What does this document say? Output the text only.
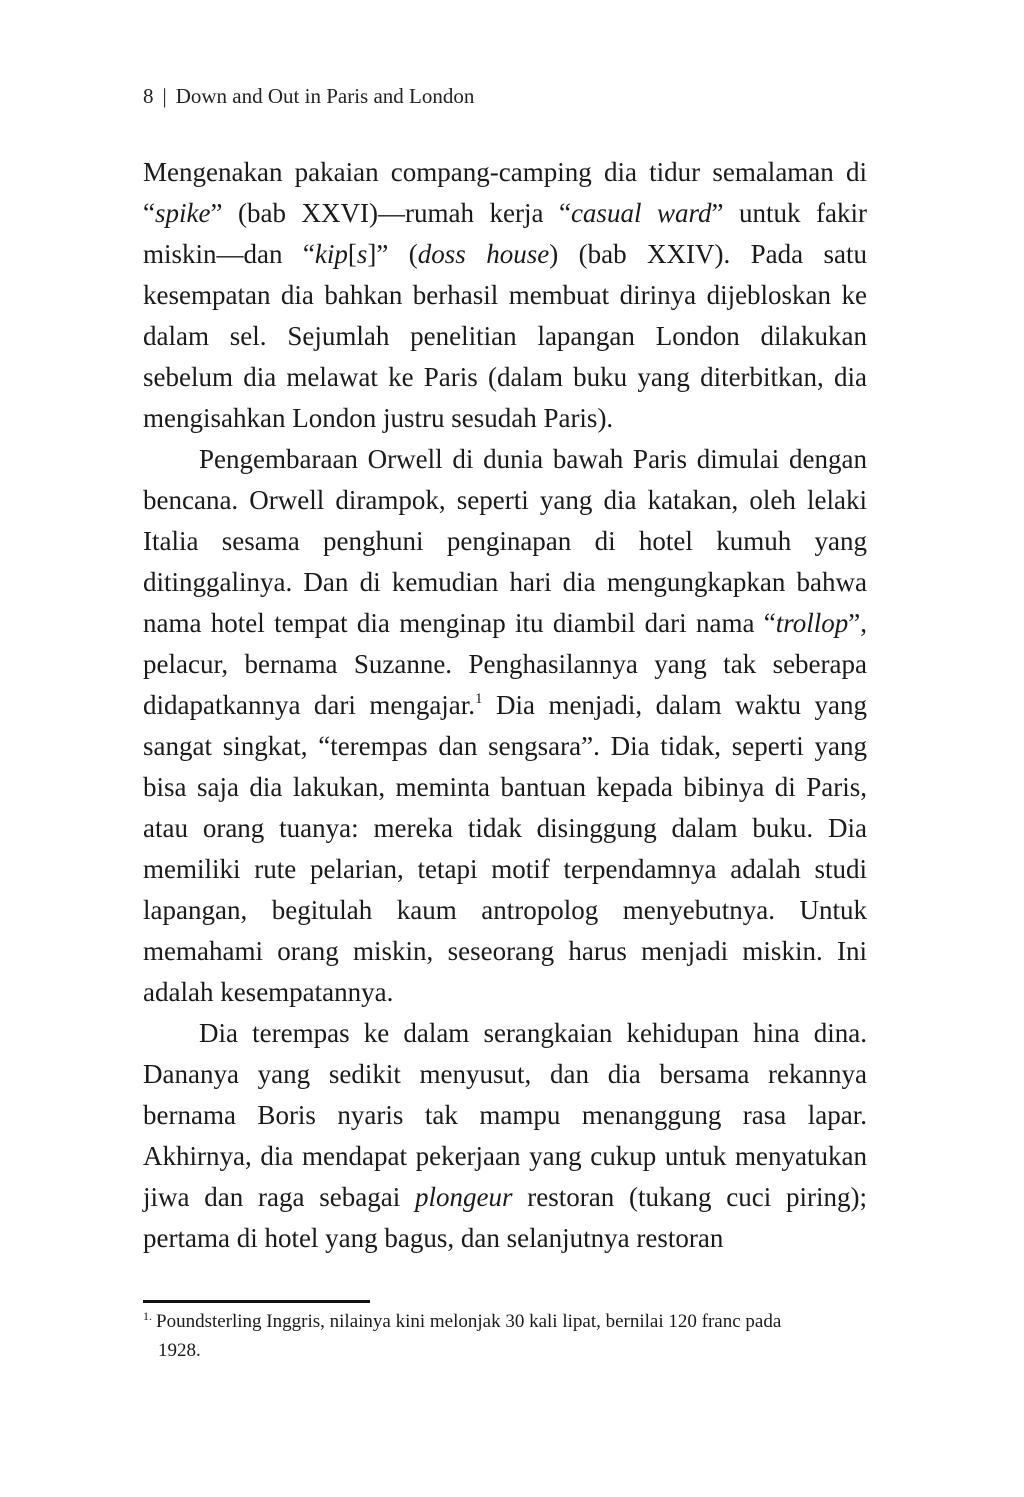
8 | Down and Out in Paris and London

Mengenakan pakaian compang-camping dia tidur semalaman di “spike” (bab XXVI)—rumah kerja “casual ward” untuk fakir miskin—dan “kip[s]” (doss house) (bab XXIV). Pada satu kesempatan dia bahkan berhasil membuat dirinya dijebloskan ke dalam sel. Sejumlah penelitian lapangan London dilakukan sebelum dia melawat ke Paris (dalam buku yang diterbitkan, dia mengisahkan London justru sesudah Paris).

Pengembaraan Orwell di dunia bawah Paris dimulai dengan bencana. Orwell dirampok, seperti yang dia katakan, oleh lelaki Italia sesama penghuni penginapan di hotel kumuh yang ditinggalinya. Dan di kemudian hari dia mengungkapkan bahwa nama hotel tempat dia menginap itu diambil dari nama “trollop”, pelacur, bernama Suzanne. Penghasilannya yang tak seberapa didapatkannya dari mengajar.$^1$ Dia menjadi, dalam waktu yang sangat singkat, “terempas dan sengsara”. Dia tidak, seperti yang bisa saja dia lakukan, meminta bantuan kepada bibinya di Paris, atau orang tuanya: mereka tidak disinggung dalam buku. Dia memiliki rute pelarian, tetapi motif terpendamnya adalah studi lapangan, begitulah kaum antropolog menyebutnya. Untuk memahami orang miskin, seseorang harus menjadi miskin. Ini adalah kesempatannya.

Dia terempas ke dalam serangkaian kehidupan hina dina. Dananya yang sedikit menyusut, dan dia bersama rekannya bernama Boris nyaris tak mampu menanggung rasa lapar. Akhirnya, dia mendapat pekerjaan yang cukup untuk menyatukan jiwa dan raga sebagai plongeur restoran (tukang cuci piring); pertama di hotel yang bagus, dan selanjutnya restoran

$^{1.}$ Poundsterling Inggris, nilainya kini melonjak 30 kali lipat, bernilai 120 franc pada
1928.
